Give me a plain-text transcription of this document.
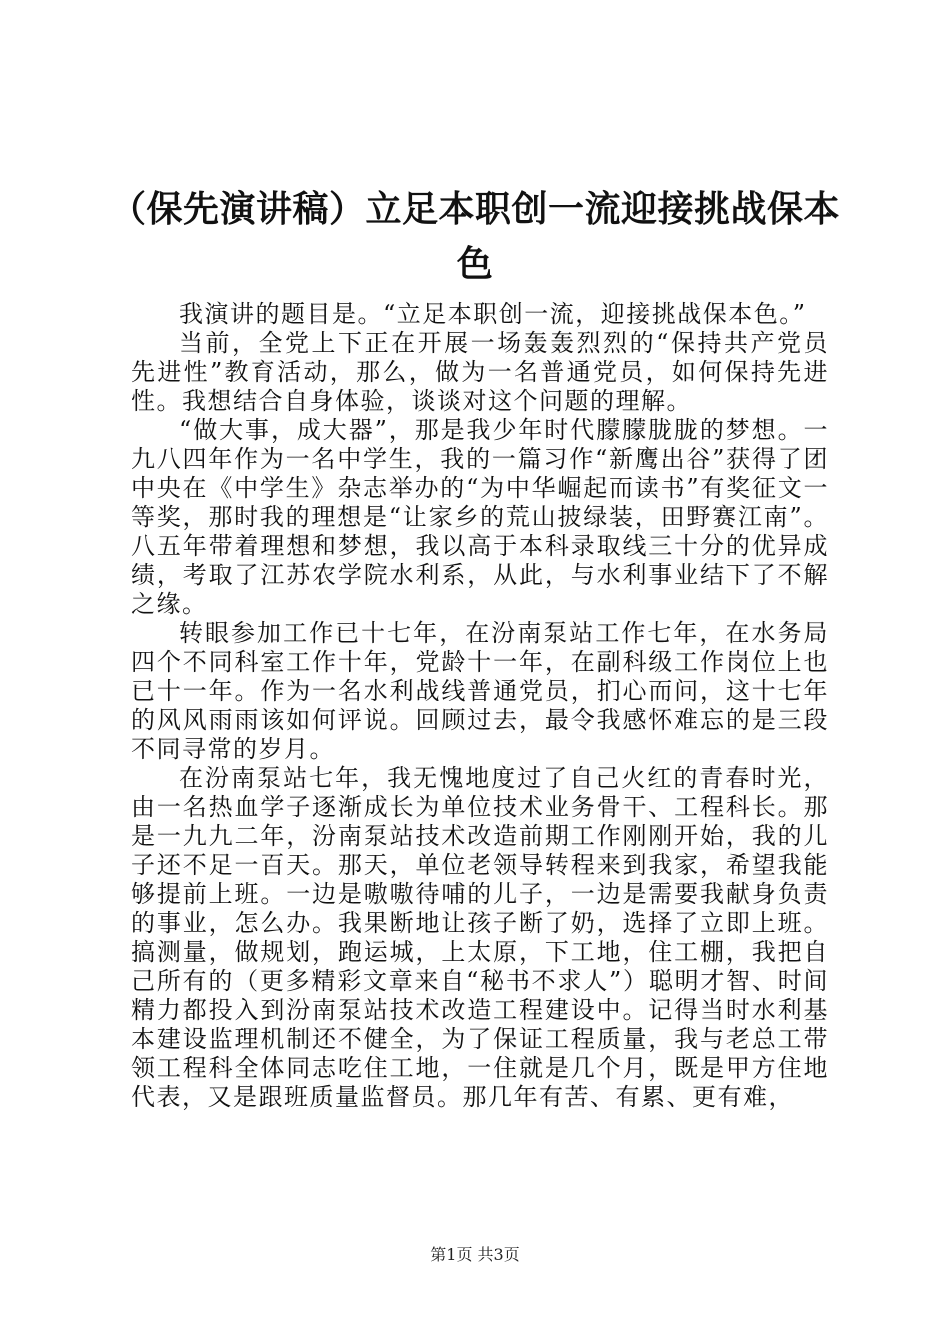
（保先演讲稿）立足本职创一流迎接挑战保本色

我演讲的题目是。“立足本职创一流，迎接挑战保本色。”

当前，全党上下正在开展一场轰轰烈烈的“保持共产党员先进性”教育活动，那么，做为一名普通党员，如何保持先进性。我想结合自身体验，谈谈对这个问题的理解。

“做大事，成大器”，那是我少年时代朦朦胧胧的梦想。一九八四年作为一名中学生，我的一篇习作“新鹰出谷”获得了团中央在《中学生》杂志举办的“为中华崛起而读书”有奖征文一等奖，那时我的理想是“让家乡的荒山披绿装，田野赛江南”。八五年带着理想和梦想，我以高于本科录取线三十分的优异成绩，考取了江苏农学院水利系，从此，与水利事业结下了不解之缘。

转眼参加工作已十七年，在汾南泵站工作七年，在水务局四个不同科室工作十年，党龄十一年，在副科级工作岗位上也已十一年。作为一名水利战线普通党员，扪心而问，这十七年的风风雨雨该如何评说。回顾过去，最令我感怀难忘的是三段不同寻常的岁月。

在汾南泵站七年，我无愧地度过了自己火红的青春时光，由一名热血学子逐渐成长为单位技术业务骨干、工程科长。那是一九九二年，汾南泵站技术改造前期工作刚刚开始，我的儿子还不足一百天。那天，单位老领导转程来到我家，希望我能够提前上班。一边是嗷嗷待哺的儿子，一边是需要我献身负责的事业，怎么办。我果断地让孩子断了奶，选择了立即上班。搞测量，做规划，跑运城，上太原，下工地，住工棚，我把自己所有的（更多精彩文章来自“秘书不求人”）聪明才智、时间精力都投入到汾南泵站技术改造工程建设中。记得当时水利基本建设监理机制还不健全，为了保证工程质量，我与老总工带领工程科全体同志吃住工地，一住就是几个月，既是甲方住地代表，又是跟班质量监督员。那几年有苦、有累、更有难，

第1页 共3页
